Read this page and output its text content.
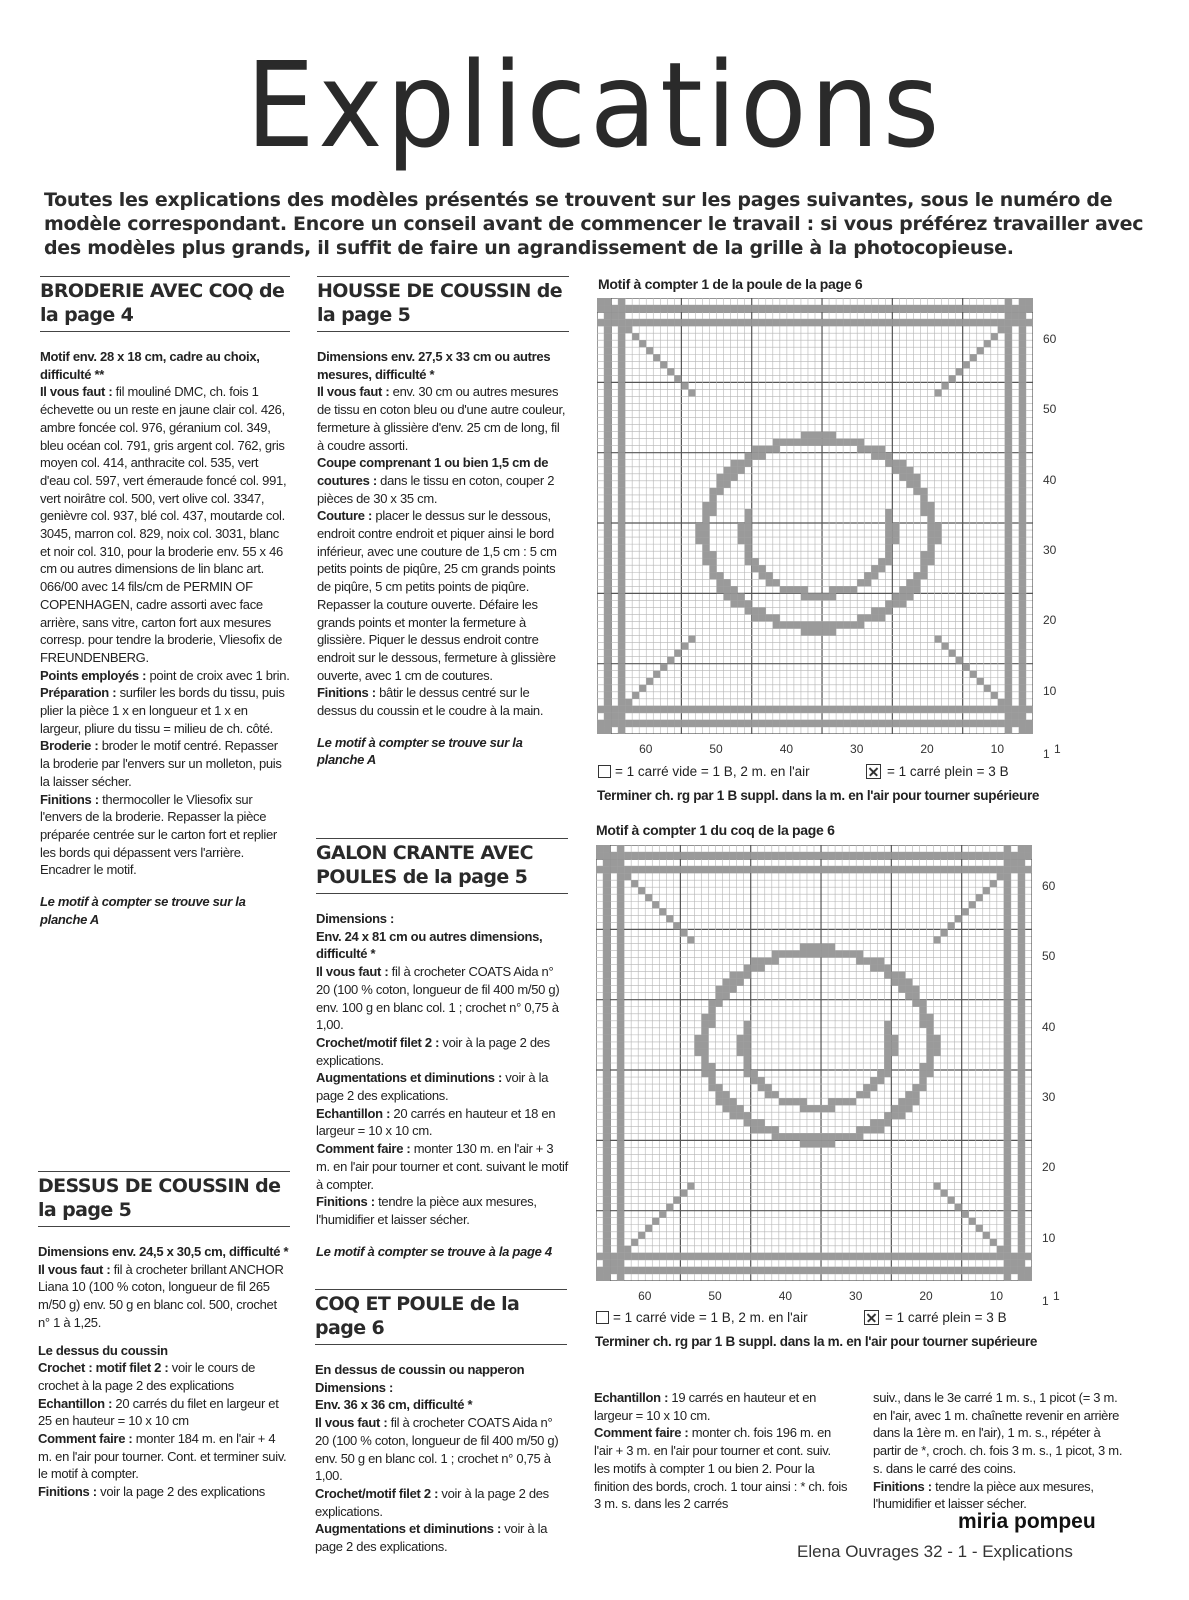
Explications
Toutes les explications des modèles présentés se trouvent sur les pages suivantes, sous le numéro de modèle correspondant. Encore un conseil avant de commencer le travail : si vous préférez travailler avec des modèles plus grands, il suffit de faire un agrandissement de la grille à la photocopieuse.
BRODERIE AVEC COQ de la page 4

Motif env. 28 x 18 cm, cadre au choix, difficulté **

Il vous faut : fil mouliné DMC, ch. fois 1 échevette ou un reste en jaune clair col. 426, ambre foncée col. 976, géranium col. 349, bleu océan col. 791, gris argent col. 762, gris moyen col. 414, anthracite col. 535, vert d'eau col. 597, vert émeraude foncé col. 991, vert noirâtre col. 500, vert olive col. 3347, genièvre col. 937, blé col. 437, moutarde col. 3045, marron col. 829, noix col. 3031, blanc et noir col. 310, pour la broderie env. 55 x 46 cm ou autres dimensions de lin blanc art. 066/00 avec 14 fils/cm de PERMIN OF COPENHAGEN, cadre assorti avec face arrière, sans vitre, carton fort aux mesures corresp. pour tendre la broderie, Vliesofix de FREUNDENBERG.

Points employés : point de croix avec 1 brin.

Préparation : surfiler les bords du tissu, puis plier la pièce 1 x en longueur et 1 x en largeur, pliure du tissu = milieu de ch. côté.

Broderie : broder le motif centré. Repasser la broderie par l'envers sur un molleton, puis la laisser sécher.

Finitions : thermocoller le Vliesofix sur l'envers de la broderie. Repasser la pièce préparée centrée sur le carton fort et replier les bords qui dépassent vers l'arrière. Encadrer le motif.

Le motif à compter se trouve sur la planche A

DESSUS DE COUSSIN de la page 5

Dimensions env. 24,5 x 30,5 cm, difficulté *

Il vous faut : fil à crocheter brillant ANCHOR Liana 10 (100 % coton, longueur de fil 265 m/50 g) env. 50 g en blanc col. 500, crochet n° 1 à 1,25.

Le dessus du coussin

Crochet : motif filet 2 : voir le cours de crochet à la page 2 des explications

Echantillon : 20 carrés du filet en largeur et 25 en hauteur = 10 x 10 cm

Comment faire : monter 184 m. en l'air + 4 m. en l'air pour tourner. Cont. et terminer suiv. le motif à compter.

Finitions : voir la page 2 des explications

HOUSSE DE COUSSIN de la page 5

Dimensions env. 27,5 x 33 cm ou autres mesures, difficulté *

Il vous faut : env. 30 cm ou autres mesures de tissu en coton bleu ou d'une autre couleur, fermeture à glissière d'env. 25 cm de long, fil à coudre assorti.

Coupe comprenant 1 ou bien 1,5 cm de coutures : dans le tissu en coton, couper 2 pièces de 30 x 35 cm.

Couture : placer le dessus sur le dessous, endroit contre endroit et piquer ainsi le bord inférieur, avec une couture de 1,5 cm : 5 cm petits points de piqûre, 25 cm grands points de piqûre, 5 cm petits points de piqûre. Repasser la couture ouverte. Défaire les grands points et monter la fermeture à glissière. Piquer le dessus endroit contre endroit sur le dessous, fermeture à glissière ouverte, avec 1 cm de coutures.

Finitions : bâtir le dessus centré sur le dessus du coussin et le coudre à la main.

Le motif à compter se trouve sur la planche A

GALON CRANTE AVEC POULES de la page 5

Dimensions :

Env. 24 x 81 cm ou autres dimensions, difficulté *

Il vous faut : fil à crocheter COATS Aida n° 20 (100 % coton, longueur de fil 400 m/50 g) env. 100 g en blanc col. 1 ; crochet n° 0,75 à 1,00.

Crochet/motif filet 2 : voir à la page 2 des explications.

Augmentations et diminutions : voir à la page 2 des explications.

Echantillon : 20 carrés en hauteur et 18 en largeur = 10 x 10 cm.

Comment faire : monter 130 m. en l'air + 3 m. en l'air pour tourner et cont. suivant le motif à compter.

Finitions : tendre la pièce aux mesures, l'humidifier et laisser sécher.

Le motif à compter se trouve à la page 4

COQ ET POULE de la page 6

En dessus de coussin ou napperon

Dimensions :

Env. 36 x 36 cm, difficulté *

Il vous faut : fil à crocheter COATS Aida n° 20 (100 % coton, longueur de fil 400 m/50 g) env. 50 g en blanc col. 1 ; crochet n° 0,75 à 1,00.

Crochet/motif filet 2 : voir à la page 2 des explications.

Augmentations et diminutions : voir à la page 2 des explications.

Motif à compter 1 de la poule de la page 6
60
50
40
30
20
10
1
60	50	40	30	20	10	1
= 1 carré vide = 1 B, 2 m. en l'air	= 1 carré plein = 3 B
Terminer ch. rg par 1 B suppl. dans la m. en l'air pour tourner supérieure
Motif à compter 1 du coq de la page 6
60
50
40
30
20
10
1
60	50	40	30	20	10	1
= 1 carré vide = 1 B, 2 m. en l'air	= 1 carré plein = 3 B
Terminer ch. rg par 1 B suppl. dans la m. en l'air pour tourner supérieure

Echantillon : 19 carrés en hauteur et en largeur = 10 x 10 cm.

Comment faire : monter ch. fois 196 m. en l'air + 3 m. en l'air pour tourner et cont. suiv. les motifs à compter 1 ou bien 2. Pour la finition des bords, croch. 1 tour ainsi : * ch. fois 3 m. s. dans les 2 carrés

suiv., dans le 3e carré 1 m. s., 1 picot (= 3 m. en l'air, avec 1 m. chaînette revenir en arrière dans la 1ère m. en l'air), 1 m. s., répéter à partir de *, croch. ch. fois 3 m. s., 1 picot, 3 m. s. dans le carré des coins.

Finitions : tendre la pièce aux mesures, l'humidifier et laisser sécher.

miria pompeu
Elena Ouvrages 32 - 1 - Explications
